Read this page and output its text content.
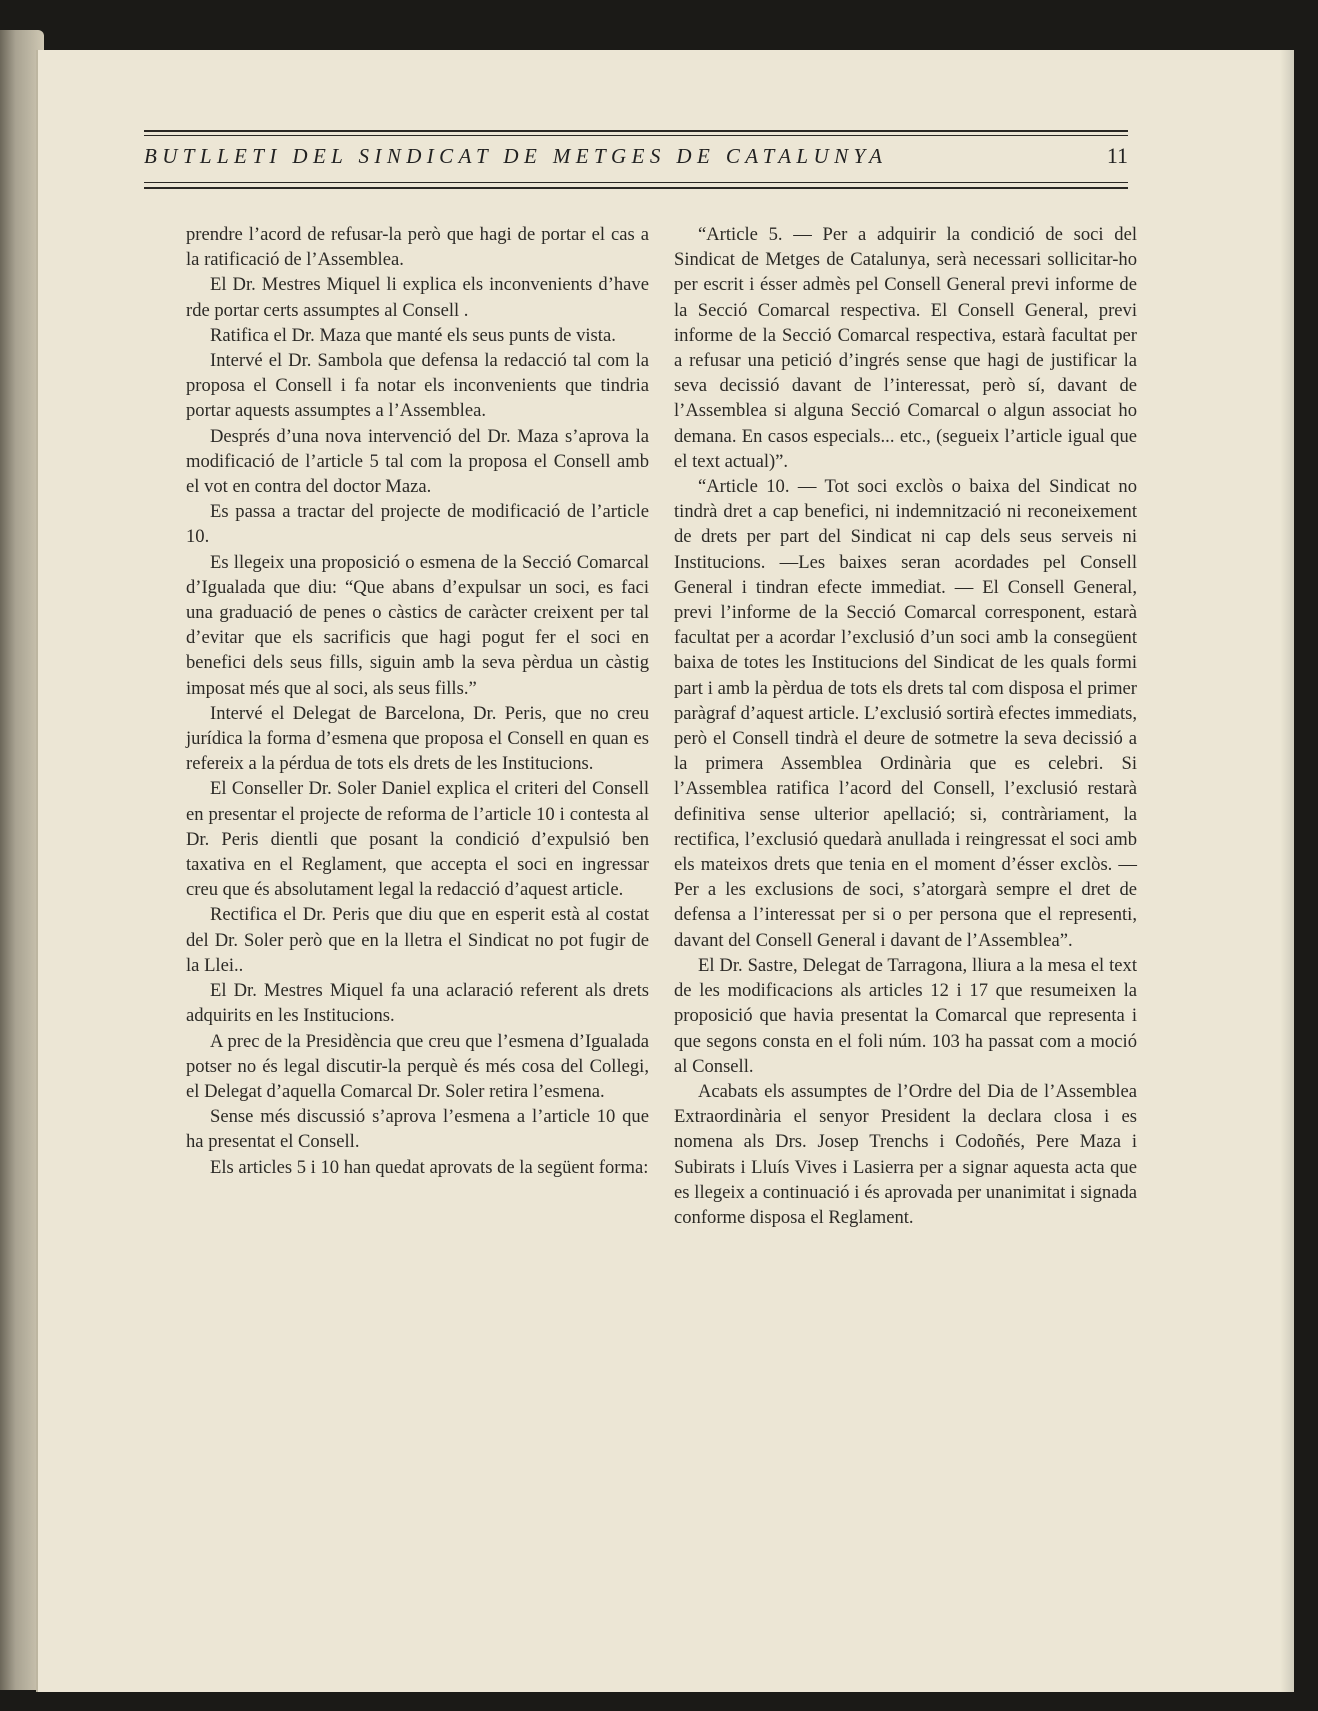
BUTLLETI DEL SINDICAT DE METGES DE CATALUNYA	11

prendre l’acord de refusar-la però que hagi de portar el cas a la ratificació de l’Assemblea.

El Dr. Mestres Miquel li explica els inconvenients d’have rde portar certs assumptes al Consell .

Ratifica el Dr. Maza que manté els seus punts de vista.

Intervé el Dr. Sambola que defensa la redacció tal com la proposa el Consell i fa notar els inconvenients que tindria portar aquests assumptes a l’Assemblea.

Després d’una nova intervenció del Dr. Maza s’aprova la modificació de l’article 5 tal com la proposa el Consell amb el vot en contra del doctor Maza.

Es passa a tractar del projecte de modificació de l’article 10.

Es llegeix una proposició o esmena de la Secció Comarcal d’Igualada que diu: “Que abans d’expulsar un soci, es faci una graduació de penes o càstics de caràcter creixent per tal d’evitar que els sacrificis que hagi pogut fer el soci en benefici dels seus fills, siguin amb la seva pèrdua un càstig imposat més que al soci, als seus fills.”

Intervé el Delegat de Barcelona, Dr. Peris, que no creu jurídica la forma d’esmena que proposa el Consell en quan es refereix a la pérdua de tots els drets de les Institucions.

El Conseller Dr. Soler Daniel explica el criteri del Consell en presentar el projecte de reforma de l’article 10 i contesta al Dr. Peris dientli que posant la condició d’expulsió ben taxativa en el Reglament, que accepta el soci en ingressar creu que és absolutament legal la redacció d’aquest article.

Rectifica el Dr. Peris que diu que en esperit està al costat del Dr. Soler però que en la lletra el Sindicat no pot fugir de la Llei..

El Dr. Mestres Miquel fa una aclaració referent als drets adquirits en les Institucions.

A prec de la Presidència que creu que l’esmena d’Igualada potser no és legal discutir-la perquè és més cosa del Collegi, el Delegat d’aquella Comarcal Dr. Soler retira l’esmena.

Sense més discussió s’aprova l’esmena a l’article 10 que ha presentat el Consell.

Els articles 5 i 10 han quedat aprovats de la següent forma:

“Article 5. — Per a adquirir la condició de soci del Sindicat de Metges de Catalunya, serà necessari sollicitar-ho per escrit i ésser admès pel Consell General previ informe de la Secció Comarcal respectiva. El Consell General, previ informe de la Secció Comarcal respectiva, estarà facultat per a refusar una petició d’ingrés sense que hagi de justificar la seva decissió davant de l’interessat, però sí, davant de l’Assemblea si alguna Secció Comarcal o algun associat ho demana. En casos especials... etc., (segueix l’article igual que el text actual)”.

“Article 10. — Tot soci exclòs o baixa del Sindicat no tindrà dret a cap benefici, ni indemnització ni reconeixement de drets per part del Sindicat ni cap dels seus serveis ni Institucions. —Les baixes seran acordades pel Consell General i tindran efecte immediat. — El Consell General, previ l’informe de la Secció Comarcal corresponent, estarà facultat per a acordar l’exclusió d’un soci amb la consegüent baixa de totes les Institucions del Sindicat de les quals formi part i amb la pèrdua de tots els drets tal com disposa el primer paràgraf d’aquest article. L’exclusió sortirà efectes immediats, però el Consell tindrà el deure de sotmetre la seva decissió a la primera Assemblea Ordinària que es celebri. Si l’Assemblea ratifica l’acord del Consell, l’exclusió restarà definitiva sense ulterior apellació; si, contràriament, la rectifica, l’exclusió quedarà anullada i reingressat el soci amb els mateixos drets que tenia en el moment d’ésser exclòs. — Per a les exclusions de soci, s’atorgarà sempre el dret de defensa a l’interessat per si o per persona que el representi, davant del Consell General i davant de l’Assemblea”.

El Dr. Sastre, Delegat de Tarragona, lliura a la mesa el text de les modificacions als articles 12 i 17 que resumeixen la proposició que havia presentat la Comarcal que representa i que segons consta en el foli núm. 103 ha passat com a moció al Consell.

Acabats els assumptes de l’Ordre del Dia de l’Assemblea Extraordinària el senyor President la declara closa i es nomena als Drs. Josep Trenchs i Codoñés, Pere Maza i Subirats i Lluís Vives i Lasierra per a signar aquesta acta que es llegeix a continuació i és aprovada per unanimitat i signada conforme disposa el Reglament.
